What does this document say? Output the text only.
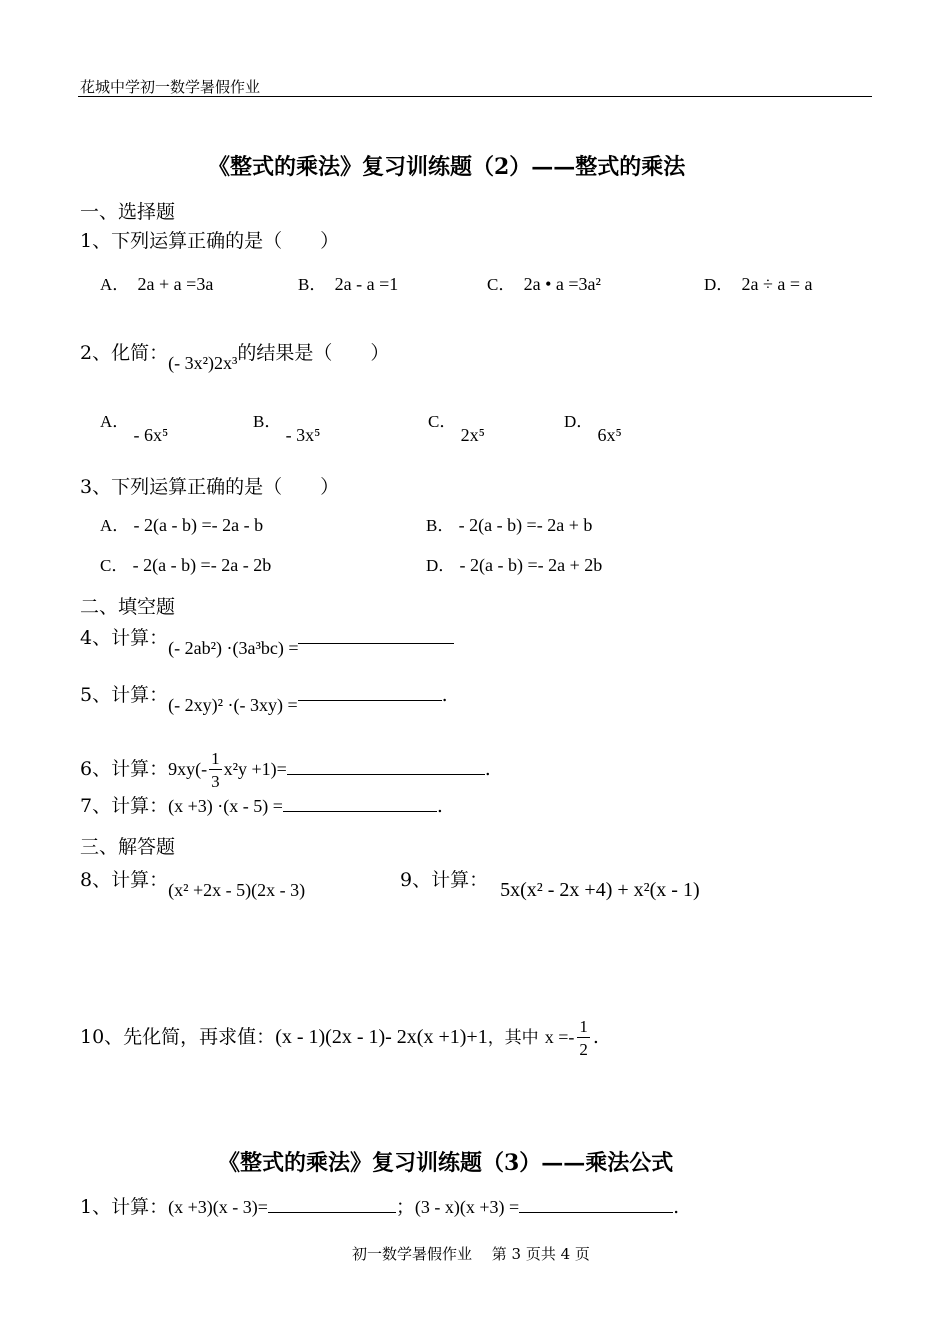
花城中学初一数学暑假作业
《整式的乘法》复习训练题（2）——整式的乘法
一、选择题
1、下列运算正确的是（　　）
A． 2a + a =3a	B． 2a - a =1	C． 2a • a =3a²	D． 2a ÷ a = a
2、化简：(- 3x²)2x³的结果是（　　）
A． - 6x⁵
B． - 3x⁵
C． 2x⁵
D． 6x⁵
3、下列运算正确的是（　　）
A． - 2(a - b) =- 2a - b	B． - 2(a - b) =- 2a + b
C． - 2(a - b) =- 2a - 2b	D． - 2(a - b) =- 2a + 2b
二、填空题
4、计算：(- 2ab²) ·(3a³bc) =
5、计算：(- 2xy)² ·(- 3xy) =	.
6、计算：$9xy(- \frac{1}{3} x^2y +1)=$	.
7、计算：(x +3) ·(x - 5) =	.
三、解答题
8、计算：(x² +2x - 5)(2x - 3)	9、计算： 5x(x² - 2x +4) + x²(x - 1)
10、先化简，再求值：(x - 1)(2x - 1)- 2x(x +1)+1，其中 $x =- \frac{1}{2}$ .
《整式的乘法》复习训练题（3）——乘法公式
1、计算：(x +3)(x - 3)=	；(3 - x)(x +3) =	.
初一数学暑假作业　 第 3 页共 4 页
